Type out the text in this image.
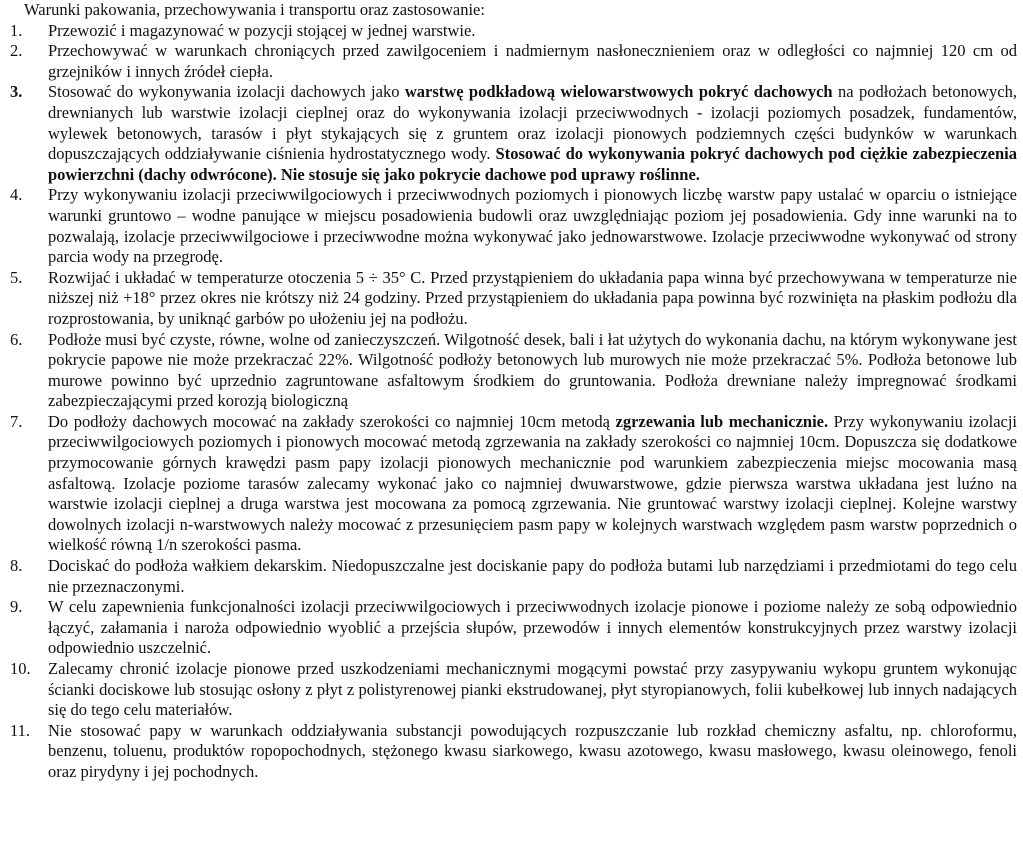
Warunki pakowania, przechowywania i transportu oraz zastosowanie:

1. Przewozić i magazynować w pozycji stojącej w jednej warstwie.
2. Przechowywać w warunkach chroniących przed zawilgoceniem i nadmiernym nasłonecznieniem oraz w odległości co najmniej 120 cm od grzejników i innych źródeł ciepła.
3. Stosować do wykonywania izolacji dachowych jako warstwę podkładową wielowarstwowych pokryć dachowych na podłożach betonowych, drewnianych lub warstwie izolacji cieplnej oraz do wykonywania izolacji przeciwwodnych - izolacji poziomych posadzek, fundamentów, wylewek betonowych, tarasów i płyt stykających się z gruntem oraz izolacji pionowych podziemnych części budynków w warunkach dopuszczających oddziaływanie ciśnienia hydrostatycznego wody. Stosować do wykonywania pokryć dachowych pod ciężkie zabezpieczenia powierzchni (dachy odwrócone). Nie stosuje się jako pokrycie dachowe pod uprawy roślinne.
4. Przy wykonywaniu izolacji przeciwwilgociowych i przeciwwodnych poziomych i pionowych liczbę warstw papy ustalać w oparciu o istniejące warunki gruntowo – wodne panujące w miejscu posadowienia budowli oraz uwzględniając poziom jej posadowienia. Gdy inne warunki na to pozwalają, izolacje przeciwwilgociowe i przeciwwodne można wykonywać jako jednowarstwowe. Izolacje przeciwwodne wykonywać od strony parcia wody na przegrodę.
5. Rozwijać i układać w temperaturze otoczenia 5 ÷ 35° C. Przed przystąpieniem do układania papa winna być przechowywana w temperaturze nie niższej niż +18° przez okres nie krótszy niż 24 godziny. Przed przystąpieniem do układania papa powinna być rozwinięta na płaskim podłożu dla rozprostowania, by uniknąć garbów po ułożeniu jej na podłożu.
6. Podłoże musi być czyste, równe, wolne od zanieczyszczeń. Wilgotność desek, bali i łat użytych do wykonania dachu, na którym wykonywane jest pokrycie papowe nie może przekraczać 22%. Wilgotność podłoży betonowych lub murowych nie może przekraczać 5%. Podłoża betonowe lub murowe powinno być uprzednio zagruntowane asfaltowym środkiem do gruntowania. Podłoża drewniane należy impregnować środkami zabezpieczającymi przed korozją biologiczną
7. Do podłoży dachowych mocować na zakłady szerokości co najmniej 10cm metodą zgrzewania lub mechanicznie. Przy wykonywaniu izolacji przeciwwilgociowych poziomych i pionowych mocować metodą zgrzewania na zakłady szerokości co najmniej 10cm. Dopuszcza się dodatkowe przymocowanie górnych krawędzi pasm papy izolacji pionowych mechanicznie pod warunkiem zabezpieczenia miejsc mocowania masą asfaltową. Izolacje poziome tarasów zalecamy wykonać jako co najmniej dwuwarstwowe, gdzie pierwsza warstwa układana jest luźno na warstwie izolacji cieplnej a druga warstwa jest mocowana za pomocą zgrzewania. Nie gruntować warstwy izolacji cieplnej. Kolejne warstwy dowolnych izolacji n-warstwowych należy mocować z przesunięciem pasm papy w kolejnych warstwach względem pasm warstw poprzednich o wielkość równą 1/n szerokości pasma.
8. Dociskać do podłoża wałkiem dekarskim. Niedopuszczalne jest dociskanie papy do podłoża butami lub narzędziami i przedmiotami do tego celu nie przeznaczonymi.
9. W celu zapewnienia funkcjonalności izolacji przeciwwilgociowych i przeciwwodnych izolacje pionowe i poziome należy ze sobą odpowiednio łączyć, załamania i naroża odpowiednio wyoblić a przejścia słupów, przewodów i innych elementów konstrukcyjnych przez warstwy izolacji odpowiednio uszczelnić.
10. Zalecamy chronić izolacje pionowe przed uszkodzeniami mechanicznymi mogącymi powstać przy zasypywaniu wykopu gruntem wykonując ścianki dociskowe lub stosując osłony z płyt z polistyrenowej pianki ekstrudowanej, płyt styropianowych, folii kubełkowej lub innych nadających się do tego celu materiałów.
11. Nie stosować papy w warunkach oddziaływania substancji powodujących rozpuszczanie lub rozkład chemiczny asfaltu, np. chloroformu, benzenu, toluenu, produktów ropopochodnych, stężonego kwasu siarkowego, kwasu azotowego, kwasu masłowego, kwasu oleinowego, fenoli oraz pirydyny i jej pochodnych.
